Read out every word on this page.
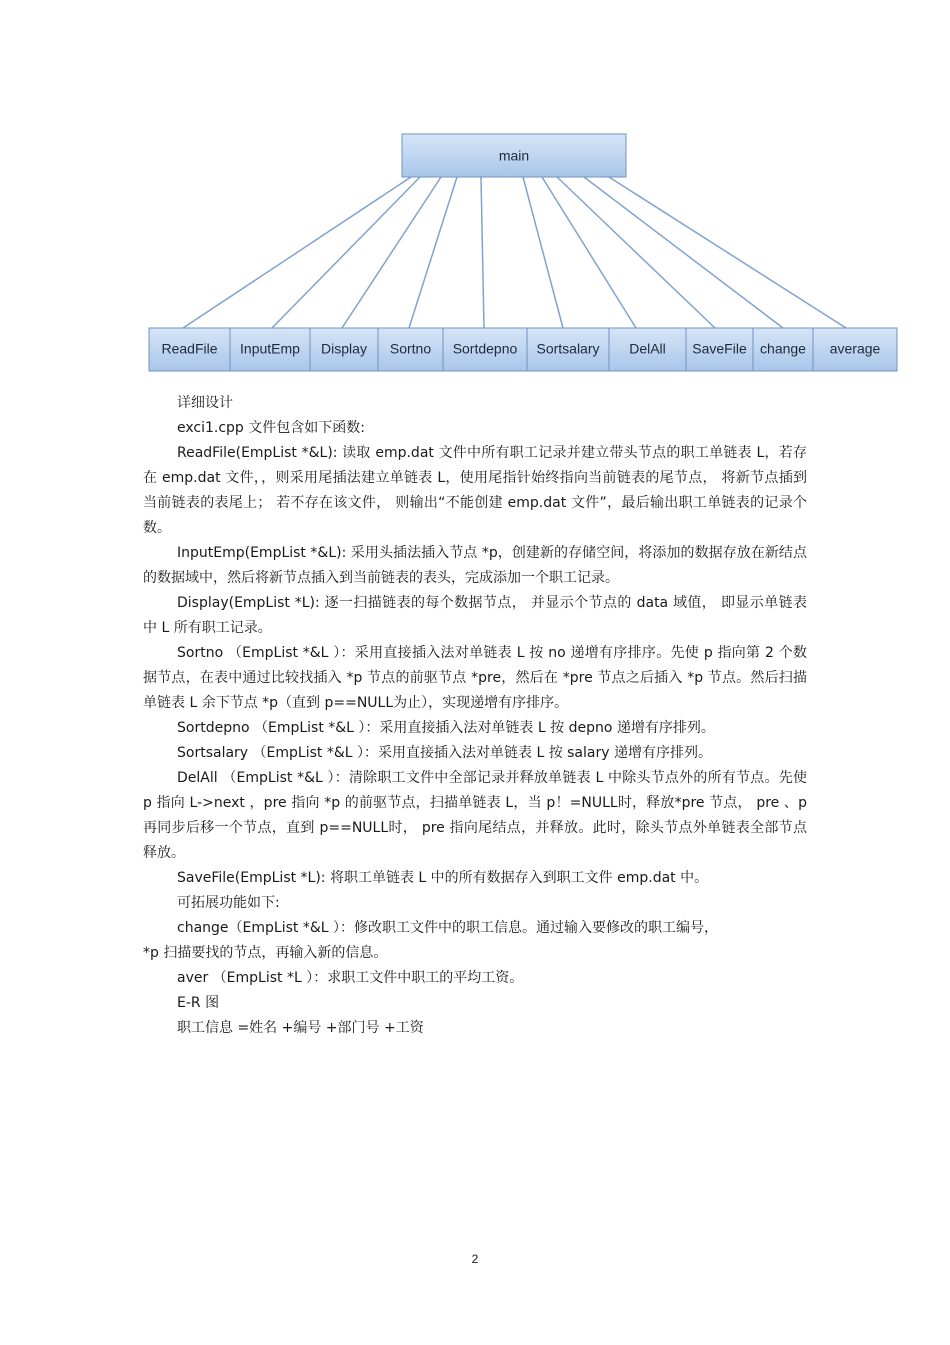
main
ReadFile InputEmp Display Sortno Sortdepno Sortsalary DelAll SaveFile change average

详细设计

exci1.cpp 文件包含如下函数:

ReadFile(EmpList *&L): 读取 emp.dat 文件中所有职工记录并建立带头节点的职工单链表 L，若存在 emp.dat 文件，，则采用尾插法建立单链表 L，使用尾指针始终指向当前链表的尾节点， 将新节点插到当前链表的表尾上； 若不存在该文件， 则输出“不能创建 emp.dat 文件”，最后输出职工单链表的记录个数。

InputEmp(EmpList *&L): 采用头插法插入节点 *p，创建新的存储空间，将添加的数据存放在新结点的数据域中，然后将新节点插入到当前链表的表头，完成添加一个职工记录。

Display(EmpList *L): 逐一扫描链表的每个数据节点， 并显示个节点的 data 域值， 即显示单链表中 L 所有职工记录。

Sortno （EmpList *&L ）：采用直接插入法对单链表 L 按 no 递增有序排序。先使 p 指向第 2 个数据节点，在表中通过比较找插入 *p 节点的前驱节点 *pre，然后在 *pre 节点之后插入 *p 节点。然后扫描单链表 L 余下节点 *p（直到 p==NULL为止），实现递增有序排序。

Sortdepno （EmpList *&L ）：采用直接插入法对单链表 L 按 depno 递增有序排列。

Sortsalary （EmpList *&L ）：采用直接插入法对单链表 L 按 salary 递增有序排列。

DelAll （EmpList *&L ）：清除职工文件中全部记录并释放单链表 L 中除头节点外的所有节点。先使 p 指向 L->next ，pre 指向 *p 的前驱节点，扫描单链表 L，当 p！=NULL时，释放*pre 节点， pre 、p 再同步后移一个节点，直到 p==NULL时， pre 指向尾结点，并释放。此时，除头节点外单链表全部节点释放。

SaveFile(EmpList *L): 将职工单链表 L 中的所有数据存入到职工文件 emp.dat 中。

可拓展功能如下:

change（EmpList *&L ）：修改职工文件中的职工信息。通过输入要修改的职工编号，

*p 扫描要找的节点，再输入新的信息。

aver （EmpList *L ）：求职工文件中职工的平均工资。

E-R 图

职工信息 =姓名 +编号 +部门号 +工资

2
